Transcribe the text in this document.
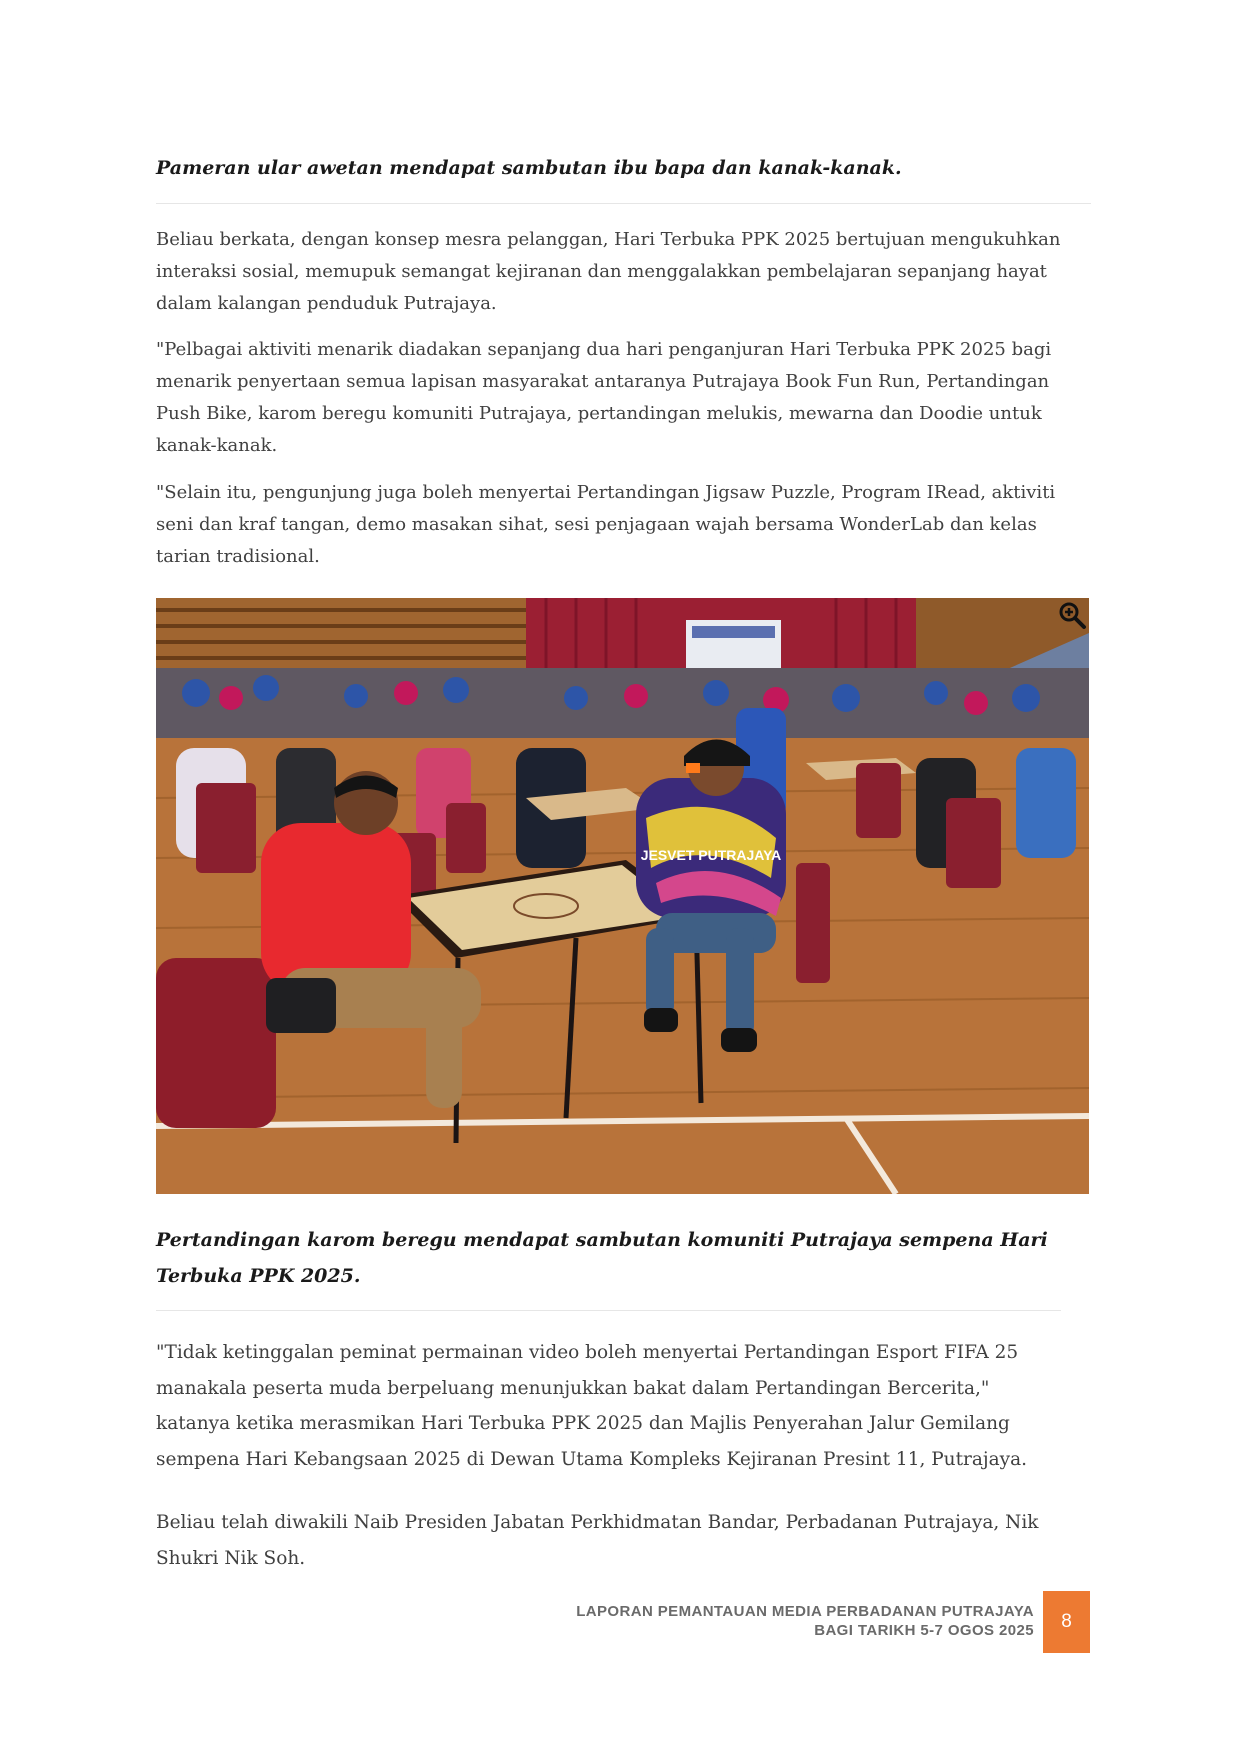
Pameran ular awetan mendapat sambutan ibu bapa dan kanak-kanak.

Beliau berkata, dengan konsep mesra pelanggan, Hari Terbuka PPK 2025 bertujuan mengukuhkan interaksi sosial, memupuk semangat kejiranan dan menggalakkan pembelajaran sepanjang hayat dalam kalangan penduduk Putrajaya.

"Pelbagai aktiviti menarik diadakan sepanjang dua hari penganjuran Hari Terbuka PPK 2025 bagi menarik penyertaan semua lapisan masyarakat antaranya Putrajaya Book Fun Run, Pertandingan Push Bike, karom beregu komuniti Putrajaya, pertandingan melukis, mewarna dan Doodie untuk kanak-kanak.

"Selain itu, pengunjung juga boleh menyertai Pertandingan Jigsaw Puzzle, Program IRead, aktiviti seni dan kraf tangan, demo masakan sihat, sesi penjagaan wajah bersama WonderLab dan kelas tarian tradisional.

JESVET PUTRAJAYA

Pertandingan karom beregu mendapat sambutan komuniti Putrajaya sempena Hari Terbuka PPK 2025.

"Tidak ketinggalan peminat permainan video boleh menyertai Pertandingan Esport FIFA 25 manakala peserta muda berpeluang menunjukkan bakat dalam Pertandingan Bercerita," katanya ketika merasmikan Hari Terbuka PPK 2025 dan Majlis Penyerahan Jalur Gemilang sempena Hari Kebangsaan 2025 di Dewan Utama Kompleks Kejiranan Presint 11, Putrajaya.

Beliau telah diwakili Naib Presiden Jabatan Perkhidmatan Bandar, Perbadanan Putrajaya, Nik Shukri Nik Soh.

LAPORAN PEMANTAUAN MEDIA PERBADANAN PUTRAJAYA
BAGI TARIKH 5-7 OGOS 2025	8
